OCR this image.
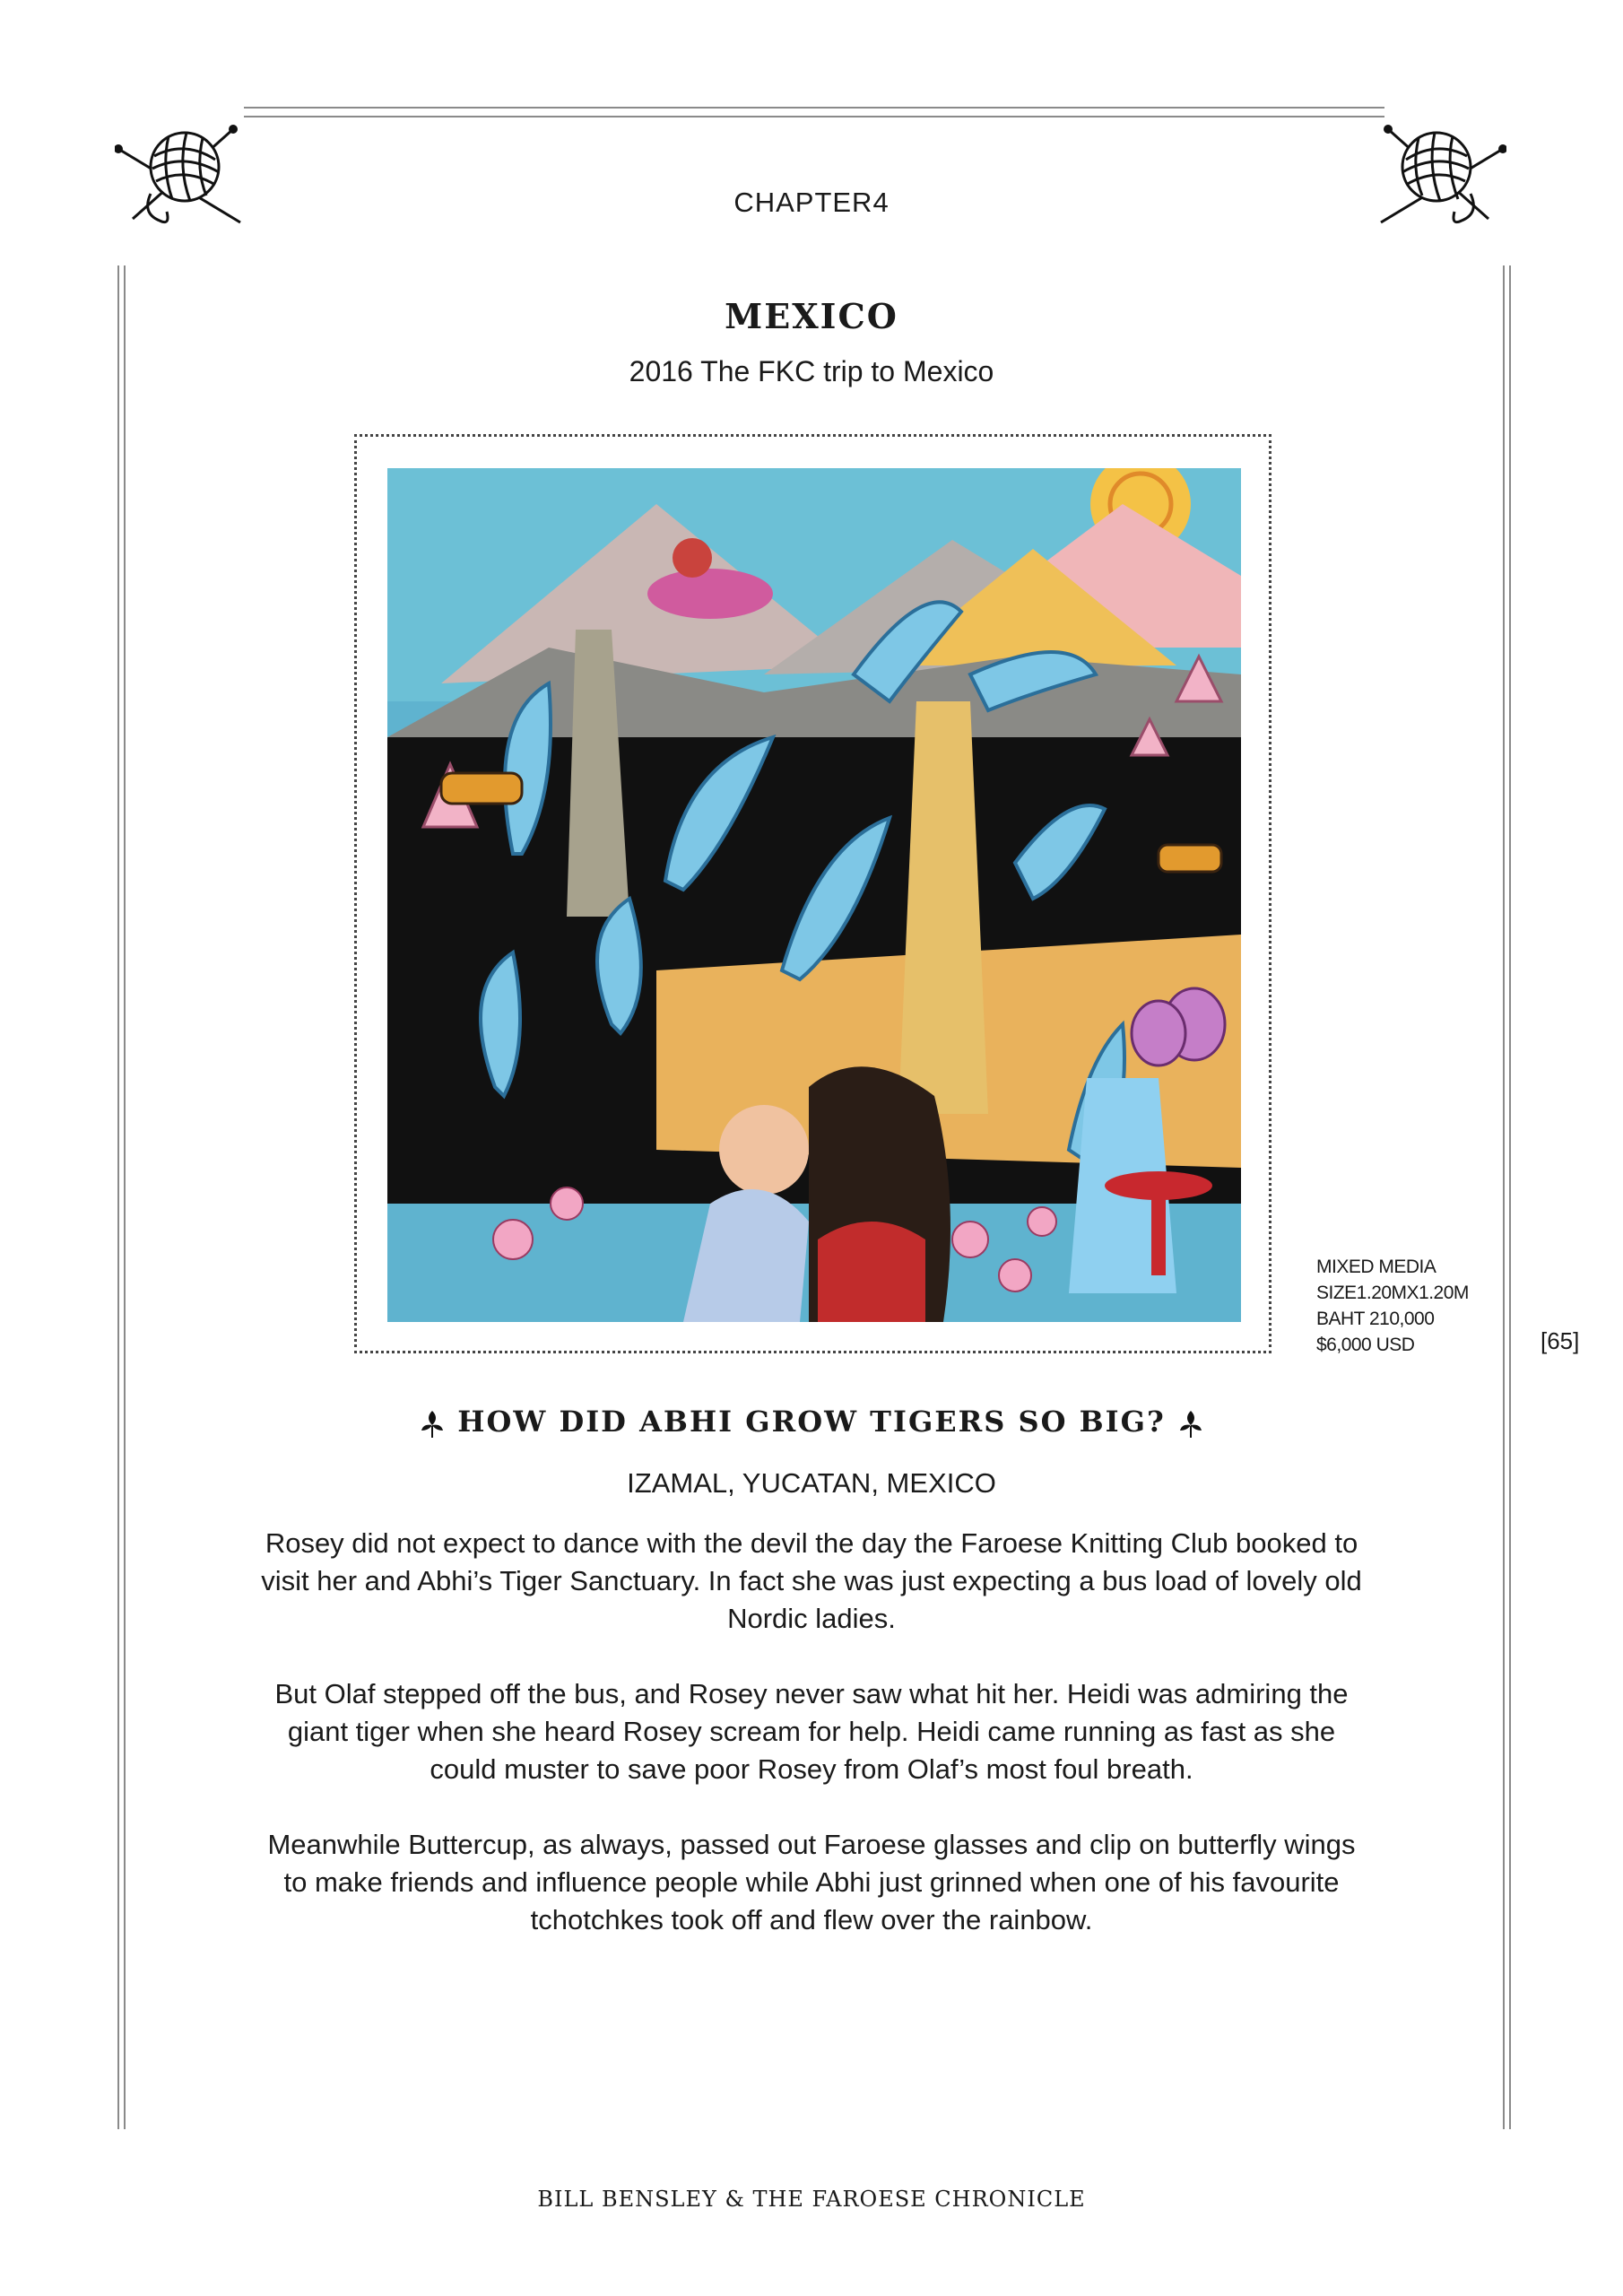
CHAPTER4
MEXICO
2016 The FKC trip to Mexico
MIXED MEDIA
SIZE1.20MX1.20M
BAHT 210,000
$6,000 USD	[65]
HOW DID ABHI GROW TIGERS SO BIG?
IZAMAL, YUCATAN, MEXICO

Rosey did not expect to dance with the devil the day the Faroese Knitting Club booked to visit her and Abhi’s Tiger Sanctuary. In fact she was just expecting a bus load of lovely old Nordic ladies.

But Olaf stepped off the bus, and Rosey never saw what hit her. Heidi was admiring the giant tiger when she heard Rosey scream for help. Heidi came running as fast as she could muster to save poor Rosey from Olaf’s most foul breath.

Meanwhile Buttercup, as always, passed out Faroese glasses and clip on butterfly wings to make friends and influence people while Abhi just grinned when one of his favourite tchotchkes took off and flew over the rainbow.

BILL BENSLEY & THE FAROESE CHRONICLE
